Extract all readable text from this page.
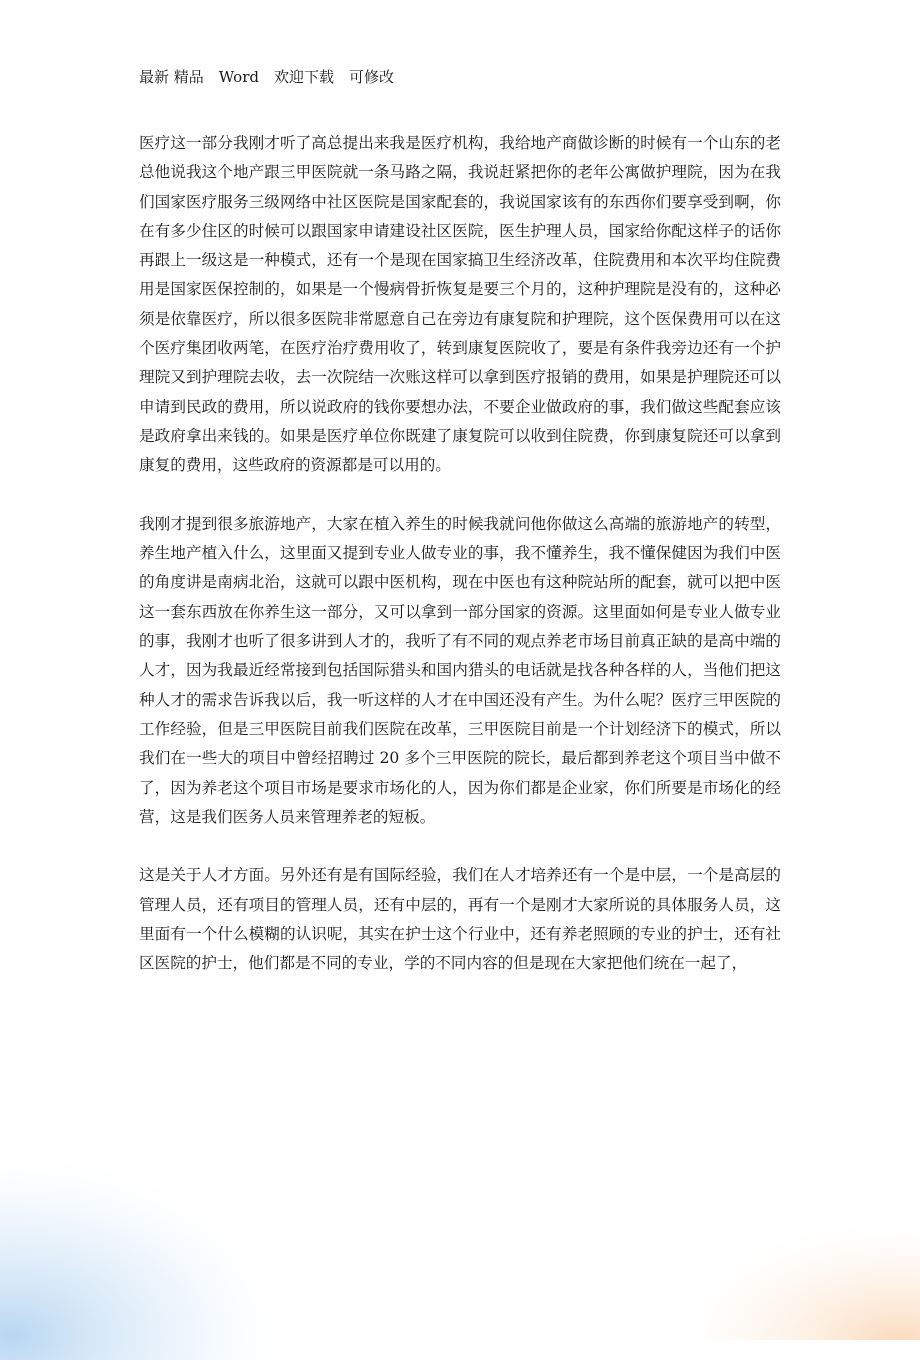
最新 精品　Word　欢迎下载　可修改

医疗这一部分我刚才听了高总提出来我是医疗机构，我给地产商做诊断的时候有一个山东的老总他说我这个地产跟三甲医院就一条马路之隔，我说赶紧把你的老年公寓做护理院，因为在我们国家医疗服务三级网络中社区医院是国家配套的，我说国家该有的东西你们要享受到啊，你在有多少住区的时候可以跟国家申请建设社区医院，医生护理人员，国家给你配这样子的话你再跟上一级这是一种模式，还有一个是现在国家搞卫生经济改革，住院费用和本次平均住院费用是国家医保控制的，如果是一个慢病骨折恢复是要三个月的，这种护理院是没有的，这种必须是依靠医疗，所以很多医院非常愿意自己在旁边有康复院和护理院，这个医保费用可以在这个医疗集团收两笔，在医疗治疗费用收了，转到康复医院收了，要是有条件我旁边还有一个护理院又到护理院去收，去一次院结一次账这样可以拿到医疗报销的费用，如果是护理院还可以申请到民政的费用，所以说政府的钱你要想办法，不要企业做政府的事，我们做这些配套应该是政府拿出来钱的。如果是医疗单位你既建了康复院可以收到住院费，你到康复院还可以拿到康复的费用，这些政府的资源都是可以用的。

我刚才提到很多旅游地产，大家在植入养生的时候我就问他你做这么高端的旅游地产的转型，养生地产植入什么，这里面又提到专业人做专业的事，我不懂养生，我不懂保健因为我们中医的角度讲是南病北治，这就可以跟中医机构，现在中医也有这种院站所的配套，就可以把中医这一套东西放在你养生这一部分，又可以拿到一部分国家的资源。这里面如何是专业人做专业的事，我刚才也听了很多讲到人才的，我听了有不同的观点养老市场目前真正缺的是高中端的人才，因为我最近经常接到包括国际猎头和国内猎头的电话就是找各种各样的人，当他们把这种人才的需求告诉我以后，我一听这样的人才在中国还没有产生。为什么呢？医疗三甲医院的工作经验，但是三甲医院目前我们医院在改革，三甲医院目前是一个计划经济下的模式，所以我们在一些大的项目中曾经招聘过 20 多个三甲医院的院长，最后都到养老这个项目当中做不了，因为养老这个项目市场是要求市场化的人，因为你们都是企业家，你们所要是市场化的经营，这是我们医务人员来管理养老的短板。

这是关于人才方面。另外还有是有国际经验，我们在人才培养还有一个是中层，一个是高层的管理人员，还有项目的管理人员，还有中层的，再有一个是刚才大家所说的具体服务人员，这里面有一个什么模糊的认识呢，其实在护士这个行业中，还有养老照顾的专业的护士，还有社区医院的护士，他们都是不同的专业，学的不同内容的但是现在大家把他们统在一起了，
